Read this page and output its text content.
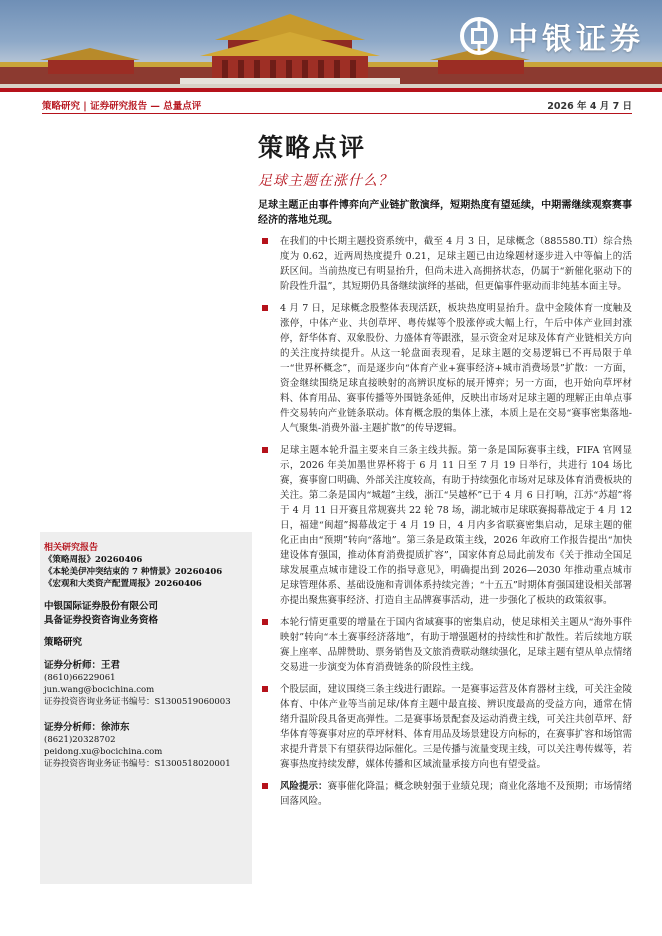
中银证券
策略研究 | 证券研究报告 — 总量点评	2026 年 4 月 7 日
策略点评
足球主题在涨什么？
足球主题正由事件博弈向产业链扩散演绎，短期热度有望延续，中期需继续观察赛事经济的落地兑现。
在我们的中长期主题投资系统中，截至 4 月 3 日，足球概念（885580.TI）综合热度为 0.62，近两周热度提升 0.21，足球主题已由边缘题材逐步进入中等偏上的活跃区间。当前热度已有明显抬升，但尚未进入高拥挤状态，仍属于“新催化驱动下的阶段性升温”，其短期仍具备继续演绎的基础，但更偏事件驱动而非纯基本面主导。
4 月 7 日，足球概念股整体表现活跃，板块热度明显抬升。盘中金陵体育一度触及涨停，中体产业、共创草坪、粤传媒等个股涨停或大幅上行，午后中体产业回封涨停，舒华体育、双象股份、力盛体育等跟涨，显示资金对足球及体育产业链相关方向的关注度持续提升。从这一轮盘面表现看，足球主题的交易逻辑已不再局限于单一“世界杯概念”，而是逐步向“体育产业+赛事经济+城市消费场景”扩散：一方面，资金继续围绕足球直接映射的高辨识度标的展开博弈；另一方面，也开始向草坪材料、体育用品、赛事传播等外围链条延伸，反映出市场对足球主题的理解正由单点事件交易转向产业链条联动。体育概念股的集体上涨，本质上是在交易“赛事密集落地-人气聚集-消费外溢-主题扩散”的传导逻辑。
足球主题本轮升温主要来自三条主线共振。第一条是国际赛事主线，FIFA 官网显示，2026 年美加墨世界杯将于 6 月 11 日至 7 月 19 日举行，共进行 104 场比赛，赛事窗口明确、外部关注度较高，有助于持续强化市场对足球及体育消费板块的关注。第二条是国内“城超”主线，浙江“吴越杯”已于 4 月 6 日打响，江苏“苏超”将于 4 月 11 日开赛且常规赛共 22 轮 78 场，湖北城市足球联赛揭幕战定于 4 月 12 日，福建“闽超”揭幕战定于 4 月 19 日，4 月内多省联赛密集启动，足球主题的催化正由由“预期”转向“落地”。第三条是政策主线，2026 年政府工作报告提出“加快建设体育强国，推动体育消费提质扩容”，国家体育总局此前发布《关于推动全国足球发展重点城市建设工作的指导意见》，明确提出到 2026—2030 年推动重点城市足球管理体系、基础设施和青训体系持续完善；“十五五”时期体育强国建设相关部署亦提出聚焦赛事经济、打造自主品牌赛事活动，进一步强化了板块的政策叙事。
本轮行情更重要的增量在于国内省域赛事的密集启动，使足球相关主题从“海外事件映射”转向“本土赛事经济落地”，有助于增强题材的持续性和扩散性。若后续地方联赛上座率、品牌赞助、票务销售及文旅消费联动继续强化，足球主题有望从单点情绪交易进一步演变为体育消费链条的阶段性主线。
个股层面，建议围绕三条主线进行跟踪。一是赛事运营及体育器材主线，可关注金陵体育、中体产业等当前足球/体育主题中最直接、辨识度最高的受益方向，通常在情绪升温阶段具备更高弹性。二是赛事场景配套及运动消费主线，可关注共创草坪、舒华体育等赛事对应的草坪材料、体育用品及场景建设方向标的，在赛事扩容和场馆需求提升背景下有望获得边际催化。三是传播与流量变现主线，可以关注粤传媒等，若赛事热度持续发酵，媒体传播和区域流量承接方向也有望受益。
风险提示：赛事催化降温；概念映射强于业绩兑现；商业化落地不及预期；市场情绪回落风险。
相关研究报告
《策略周报》20260406
《本轮美伊冲突结束的 7 种情景》20260406
《宏观和大类资产配置周报》20260406
中银国际证券股份有限公司
具备证券投资咨询业务资格
策略研究
证券分析师：王君
(8610)66229061
jun.wang@bocichina.com
证券投资咨询业务证书编号：S1300519060003
证券分析师：徐沛东
(8621)20328702
peidong.xu@bocichina.com
证券投资咨询业务证书编号：S1300518020001
